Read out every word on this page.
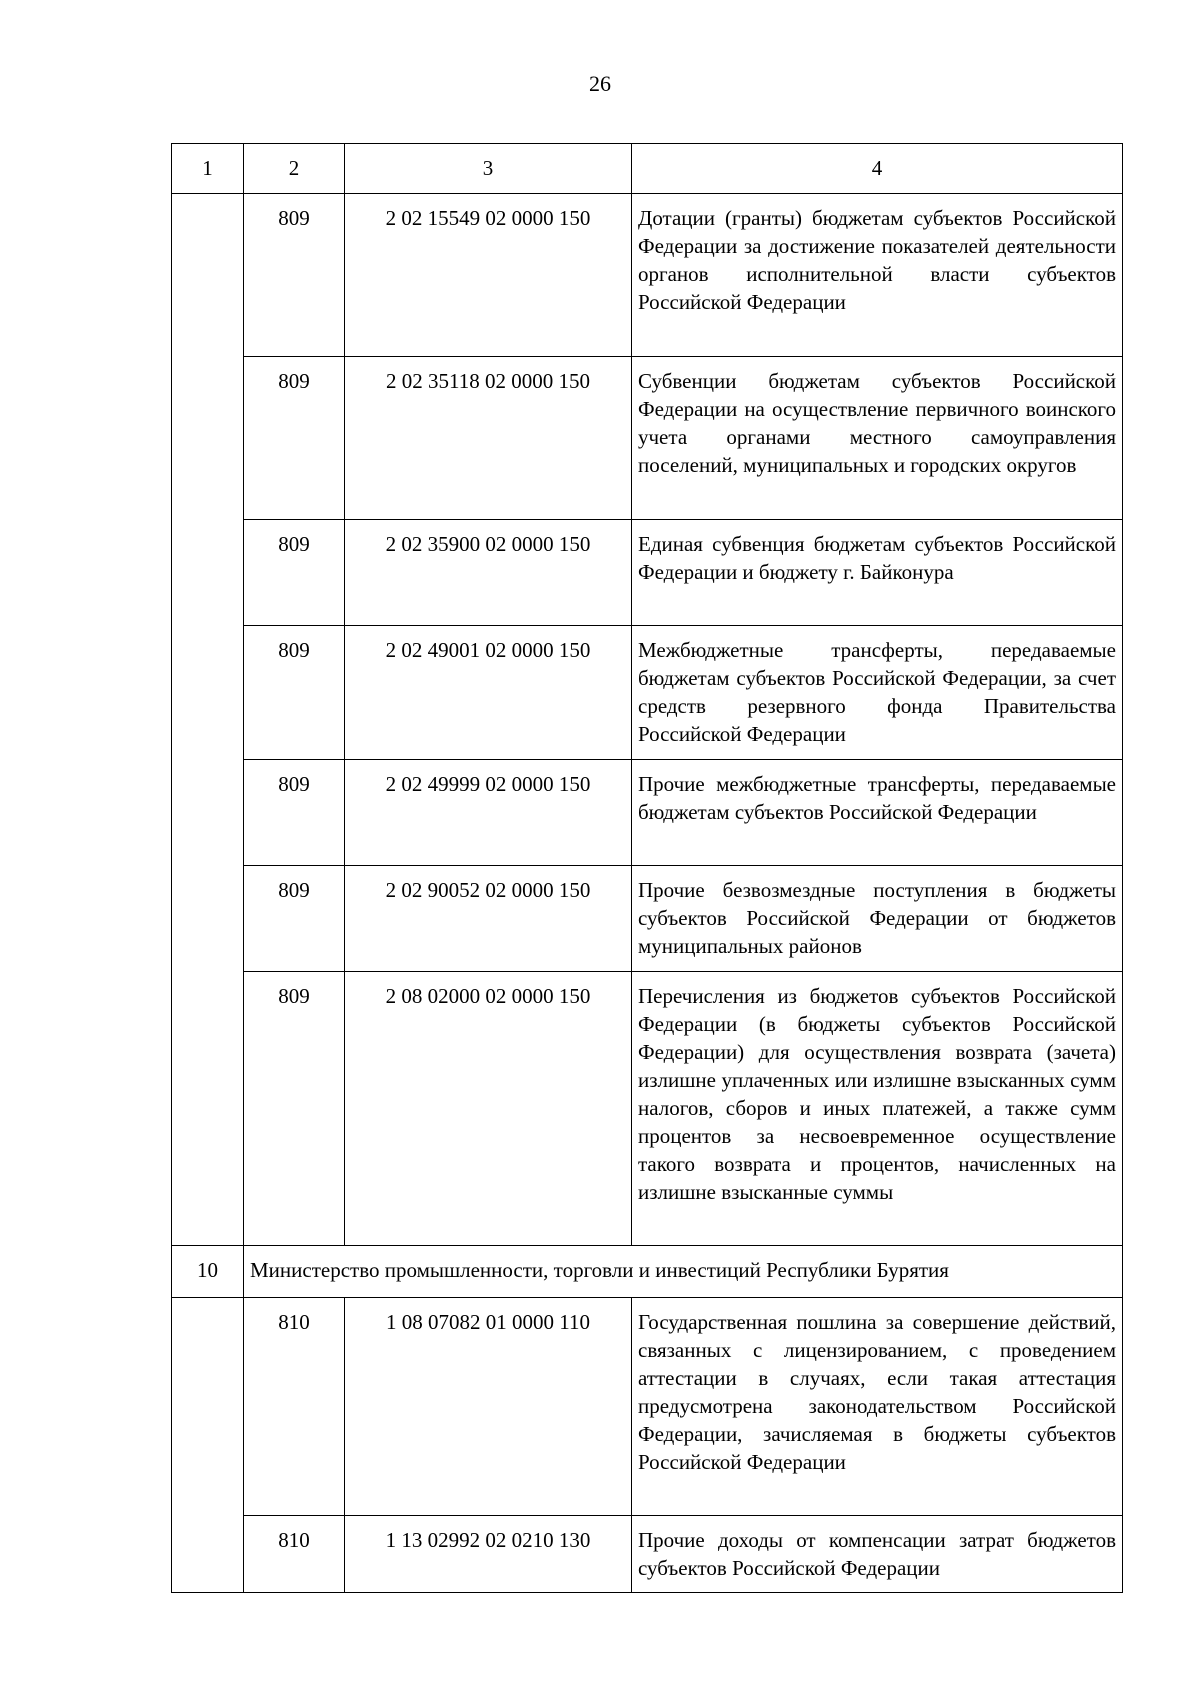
26
1	2	3	4
	809	2 02 15549 02 0000 150	Дотации (гранты) бюджетам субъектов Российской Федерации за достижение показателей деятельности органов исполнительной власти субъектов Российской Федерации
	809	2 02 35118 02 0000 150	Субвенции бюджетам субъектов Российской Федерации на осуществление первичного воинского учета органами местного самоуправления поселений, муниципальных и городских округов
	809	2 02 35900 02 0000 150	Единая субвенция бюджетам субъектов Российской Федерации и бюджету г. Байконура
	809	2 02 49001 02 0000 150	Межбюджетные трансферты, передаваемые бюджетам субъектов Российской Федерации, за счет средств резервного фонда Правительства Российской Федерации
	809	2 02 49999 02 0000 150	Прочие межбюджетные трансферты, передаваемые бюджетам субъектов Российской Федерации
	809	2 02 90052 02 0000 150	Прочие безвозмездные поступления в бюджеты субъектов Российской Федерации от бюджетов муниципальных районов
	809	2 08 02000 02 0000 150	Перечисления из бюджетов субъектов Российской Федерации (в бюджеты субъектов Российской Федерации) для осуществления возврата (зачета) излишне уплаченных или излишне взысканных сумм налогов, сборов и иных платежей, а также сумм процентов за несвоевременное осуществление такого возврата и процентов, начисленных на излишне взысканные суммы
10	Министерство промышленности, торговли и инвестиций Республики Бурятия		
	810	1 08 07082 01 0000 110	Государственная пошлина за совершение действий, связанных с лицензированием, с проведением аттестации в случаях, если такая аттестация предусмотрена законодательством Российской Федерации, зачисляемая в бюджеты субъектов Российской Федерации
	810	1 13 02992 02 0210 130	Прочие доходы от компенсации затрат бюджетов субъектов Российской Федерации
